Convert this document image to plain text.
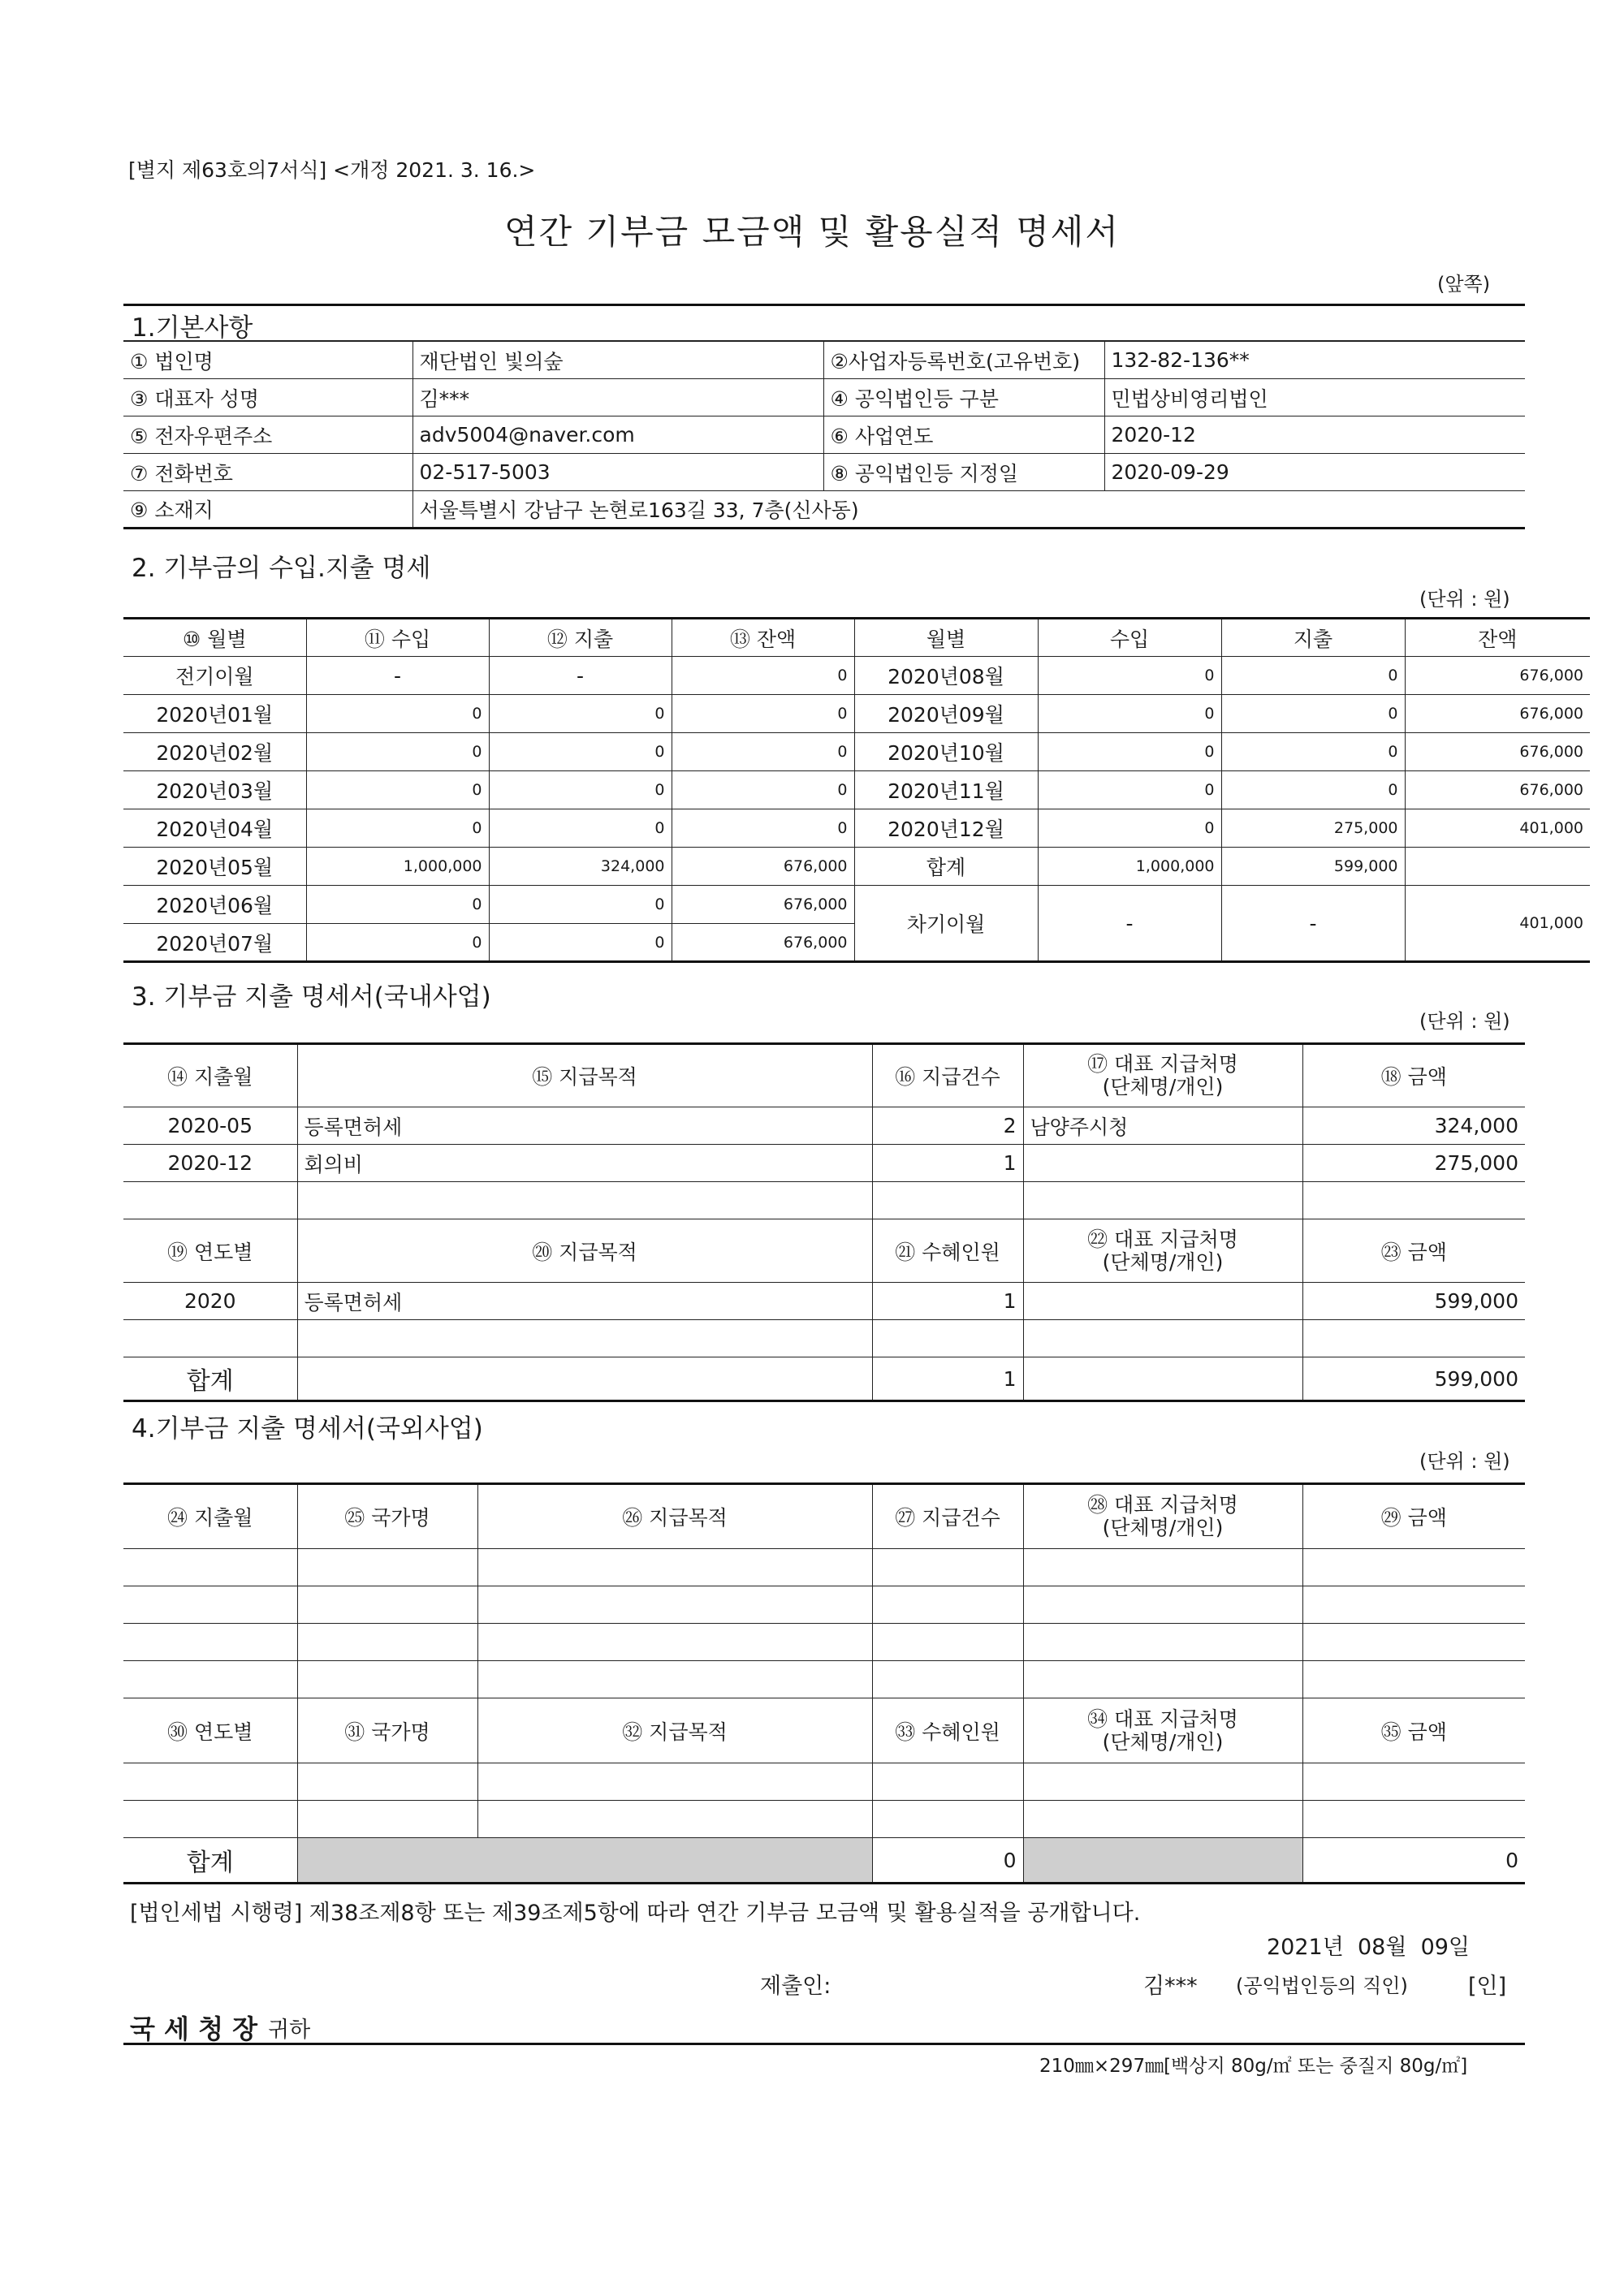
[별지 제63호의7서식] <개정 2021. 3. 16.>
연간 기부금 모금액 및 활용실적 명세서
(앞쪽)
1.기본사항
① 법인명	재단법인 빛의숲	②사업자등록번호(고유번호)	132-82-136**
③ 대표자 성명	김***	④ 공익법인등 구분	민법상비영리법인
⑤ 전자우편주소	adv5004@naver.com	⑥ 사업연도	2020-12
⑦ 전화번호	02-517-5003	⑧ 공익법인등 지정일	2020-09-29
⑨ 소재지	서울특별시 강남구 논현로163길 33, 7층(신사동)		
2. 기부금의 수입.지출 명세
(단위 : 원)
⑩ 월별	⑪ 수입	⑫ 지출	⑬ 잔액	월별	수입	지출	잔액
전기이월	-	-	0	2020년08월	0	0	676,000
2020년01월	0	0	0	2020년09월	0	0	676,000
2020년02월	0	0	0	2020년10월	0	0	676,000
2020년03월	0	0	0	2020년11월	0	0	676,000
2020년04월	0	0	0	2020년12월	0	275,000	401,000
2020년05월	1,000,000	324,000	676,000	합계	1,000,000	599,000	
2020년06월	0	0	676,000	차기이월	-	-	401,000
2020년07월	0	0	676,000				
3. 기부금 지출 명세서(국내사업)
(단위 : 원)
⑭ 지출월	⑮ 지급목적	⑯ 지급건수	⑰ 대표 지급처명
(단체명/개인)	⑱ 금액
2020-05	등록면허세	2	남양주시청	324,000
2020-12	회의비	1		275,000

⑲ 연도별	⑳ 지급목적	㉑ 수혜인원	㉒ 대표 지급처명
(단체명/개인)	㉓ 금액
2020	등록면허세	1		599,000

합계		1		599,000
4.기부금 지출 명세서(국외사업)
(단위 : 원)
㉔ 지출월	㉕ 국가명	㉖ 지급목적	㉗ 지급건수	㉘ 대표 지급처명
(단체명/개인)	㉙ 금액

㉚ 연도별	㉛ 국가명	㉜ 지급목적	㉝ 수혜인원	㉞ 대표 지급처명
(단체명/개인)	㉟ 금액

합계			0		0
[법인세법 시행령] 제38조제8항 또는 제39조제5항에 따라 연간 기부금 모금액 및 활용실적을 공개합니다.
2021년  08월  09일
제출인:	김*** (공익법인등의 직인)	[인]
국 세 청 장 귀하
210㎜×297㎜[백상지 80g/㎡ 또는 중질지 80g/㎡]
